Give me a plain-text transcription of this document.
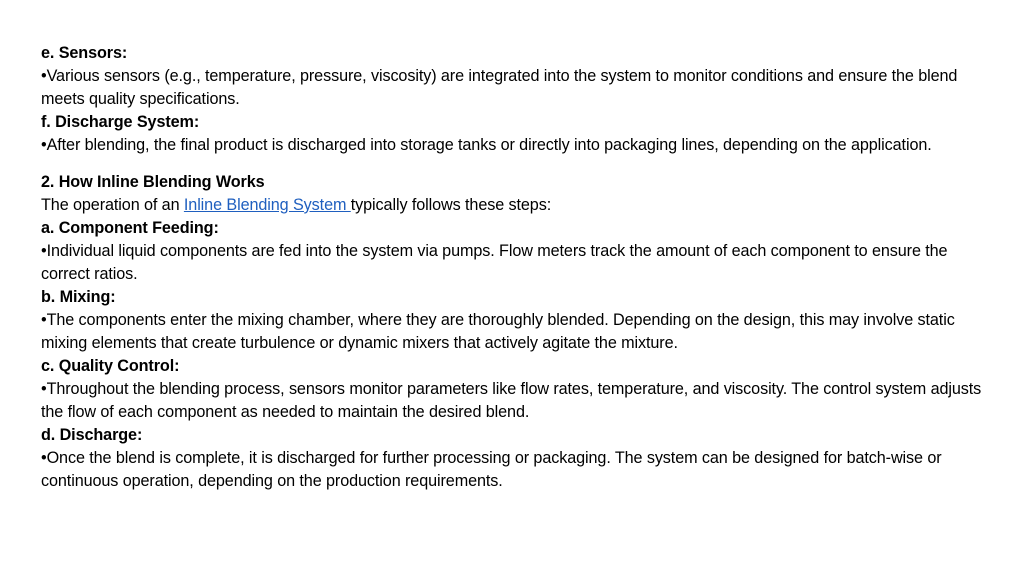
e. Sensors:
•Various sensors (e.g., temperature, pressure, viscosity) are integrated into the system to monitor conditions and ensure the blend meets quality specifications.
f. Discharge System:
•After blending, the final product is discharged into storage tanks or directly into packaging lines, depending on the application.
2. How Inline Blending Works
The operation of an Inline Blending System typically follows these steps:
a. Component Feeding:
•Individual liquid components are fed into the system via pumps. Flow meters track the amount of each component to ensure the correct ratios.
b. Mixing:
•The components enter the mixing chamber, where they are thoroughly blended. Depending on the design, this may involve static mixing elements that create turbulence or dynamic mixers that actively agitate the mixture.
c. Quality Control:
•Throughout the blending process, sensors monitor parameters like flow rates, temperature, and viscosity. The control system adjusts the flow of each component as needed to maintain the desired blend.
d. Discharge:
•Once the blend is complete, it is discharged for further processing or packaging. The system can be designed for batch-wise or continuous operation, depending on the production requirements.
